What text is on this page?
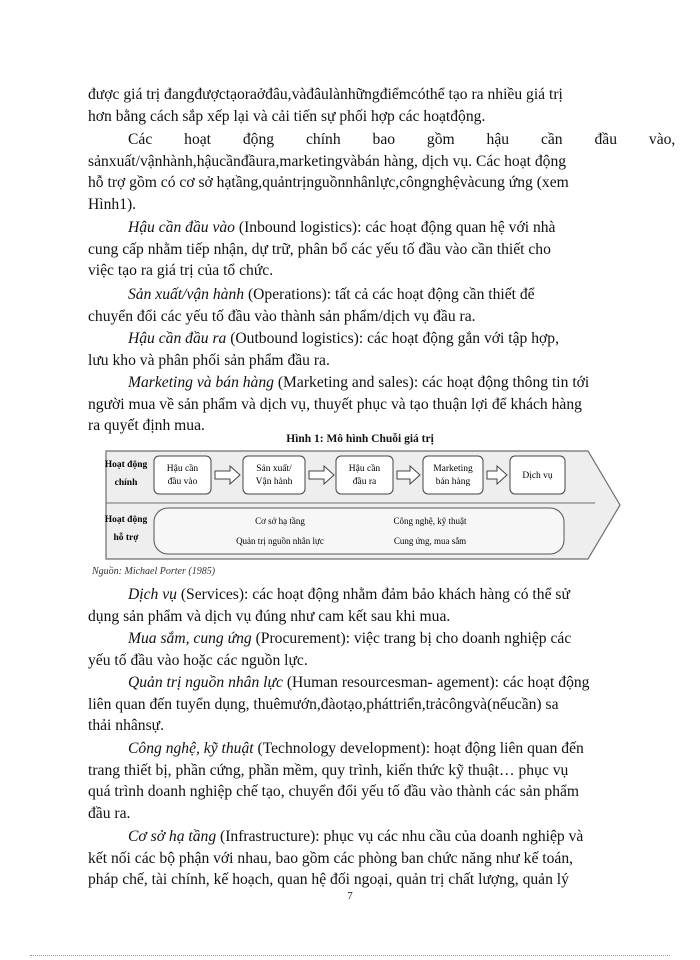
được giá trị đangđượctạoraởđâu,vàđâulànhữngđiểmcóthể tạo ra nhiều giá trị
hơn bằng cách sắp xếp lại và cải tiến sự phối hợp các hoạtđộng.

Các hoạt động chính bao gồm hậu cần đầu vào,
sảnxuất/vậnhành,hậucầnđầura,marketingvàbán hàng, dịch vụ. Các hoạt động
hỗ trợ gồm có cơ sở hạtầng,quảntrịnguồnnhânlực,côngnghệvàcung ứng (xem
Hình1).

Hậu cần đầu vào (Inbound logistics): các hoạt động quan hệ với nhà
cung cấp nhằm tiếp nhận, dự trữ, phân bổ các yếu tố đầu vào cần thiết cho
việc tạo ra giá trị của tổ chức.

Sản xuất/vận hành (Operations): tất cả các hoạt động cần thiết để
chuyển đổi các yếu tố đầu vào thành sản phẩm/dịch vụ đầu ra.

Hậu cần đầu ra (Outbound logistics): các hoạt động gắn với tập hợp,
lưu kho và phân phối sản phẩm đầu ra.

Marketing và bán hàng (Marketing and sales): các hoạt động thông tin tới
người mua về sản phẩm và dịch vụ, thuyết phục và tạo thuận lợi để khách hàng
ra quyết định mua.

Hình 1: Mô hình Chuỗi giá trị
Hoạt động
chính
Hoạt động
hỗ trợ
Hậu cần
đầu vào
Sản xuất/
Vận hành
Hậu cần
đầu ra
Marketing
bán hàng
Dịch vụ
Cơ sở hạ tầng	Công nghệ, kỹ thuật
Quản trị nguồn nhân lực	Cung ứng, mua sắm
Nguồn: Michael Porter (1985)

Dịch vụ (Services): các hoạt động nhằm đảm bảo khách hàng có thể sử
dụng sản phẩm và dịch vụ đúng như cam kết sau khi mua.

Mua sắm, cung ứng (Procurement): việc trang bị cho doanh nghiệp các
yếu tố đầu vào hoặc các nguồn lực.

Quản trị nguồn nhân lực (Human resourcesman- agement): các hoạt động
liên quan đến tuyển dụng, thuêmướn,đàotạo,pháttriển,trảcôngvà(nếucần) sa
thải nhânsự.

Công nghệ, kỹ thuật (Technology development): hoạt động liên quan đến
trang thiết bị, phần cứng, phần mềm, quy trình, kiến thức kỹ thuật… phục vụ
quá trình doanh nghiệp chế tạo, chuyển đổi yếu tố đầu vào thành các sản phẩm
đầu ra.

Cơ sở hạ tầng (Infrastructure): phục vụ các nhu cầu của doanh nghiệp và
kết nối các bộ phận với nhau, bao gồm các phòng ban chức năng như kế toán,
pháp chế, tài chính, kế hoạch, quan hệ đối ngoại, quản trị chất lượng, quản lý

7
